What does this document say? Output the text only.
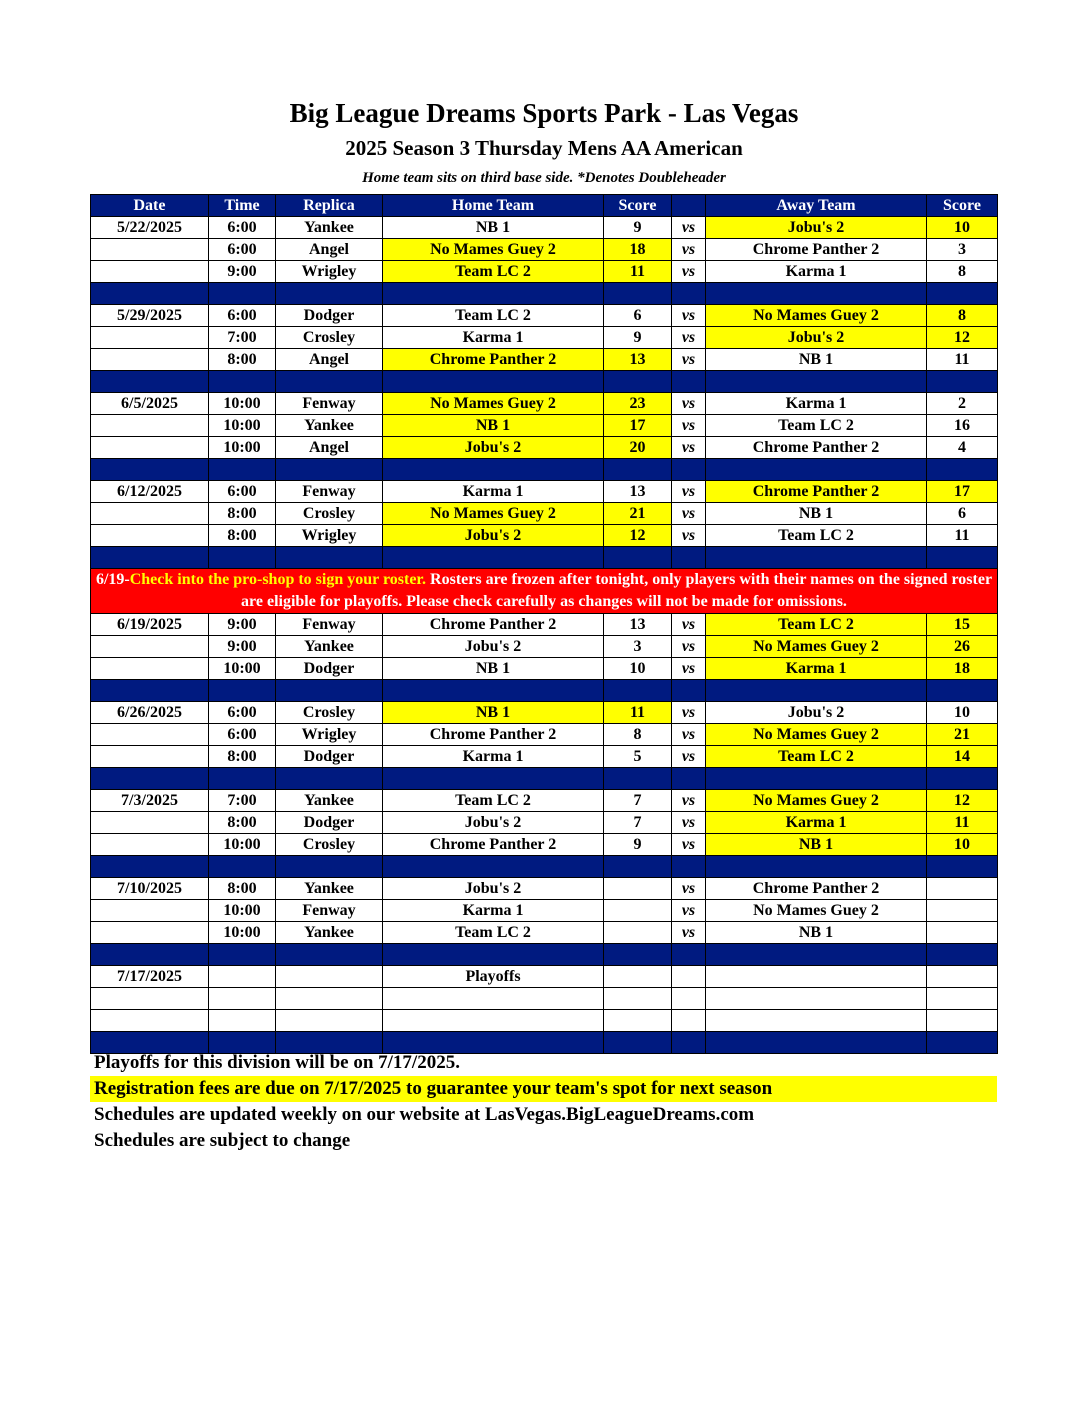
Big League Dreams Sports Park - Las Vegas
2025 Season 3 Thursday Mens AA American
Home team sits on third base side. *Denotes Doubleheader
Date	Time	Replica	Home Team	Score		Away Team	Score
5/22/2025	6:00	Yankee	NB 1	9	vs	Jobu's 2	10
	6:00	Angel	No Mames Guey 2	18	vs	Chrome Panther 2	3
	9:00	Wrigley	Team LC 2	11	vs	Karma 1	8

5/29/2025	6:00	Dodger	Team LC 2	6	vs	No Mames Guey 2	8
	7:00	Crosley	Karma 1	9	vs	Jobu's 2	12
	8:00	Angel	Chrome Panther 2	13	vs	NB 1	11

6/5/2025	10:00	Fenway	No Mames Guey 2	23	vs	Karma 1	2
	10:00	Yankee	NB 1	17	vs	Team LC 2	16
	10:00	Angel	Jobu's 2	20	vs	Chrome Panther 2	4

6/12/2025	6:00	Fenway	Karma 1	13	vs	Chrome Panther 2	17
	8:00	Crosley	No Mames Guey 2	21	vs	NB 1	6
	8:00	Wrigley	Jobu's 2	12	vs	Team LC 2	11

6/19-Check into the pro-shop to sign your roster. Rosters are frozen after tonight, only players with their names on the signed roster are eligible for playoffs. Please check carefully as changes will not be made for omissions.							
6/19/2025	9:00	Fenway	Chrome Panther 2	13	vs	Team LC 2	15
	9:00	Yankee	Jobu's 2	3	vs	No Mames Guey 2	26
	10:00	Dodger	NB 1	10	vs	Karma 1	18

6/26/2025	6:00	Crosley	NB 1	11	vs	Jobu's 2	10
	6:00	Wrigley	Chrome Panther 2	8	vs	No Mames Guey 2	21
	8:00	Dodger	Karma 1	5	vs	Team LC 2	14

7/3/2025	7:00	Yankee	Team LC 2	7	vs	No Mames Guey 2	12
	8:00	Dodger	Jobu's 2	7	vs	Karma 1	11
	10:00	Crosley	Chrome Panther 2	9	vs	NB 1	10

7/10/2025	8:00	Yankee	Jobu's 2		vs	Chrome Panther 2	
	10:00	Fenway	Karma 1		vs	No Mames Guey 2	
	10:00	Yankee	Team LC 2		vs	NB 1	

7/17/2025			Playoffs				

Playoffs for this division will be on 7/17/2025.
Registration fees are due on 7/17/2025 to guarantee your team's spot for next season
Schedules are updated weekly on our website at LasVegas.BigLeagueDreams.com
Schedules are subject to change
